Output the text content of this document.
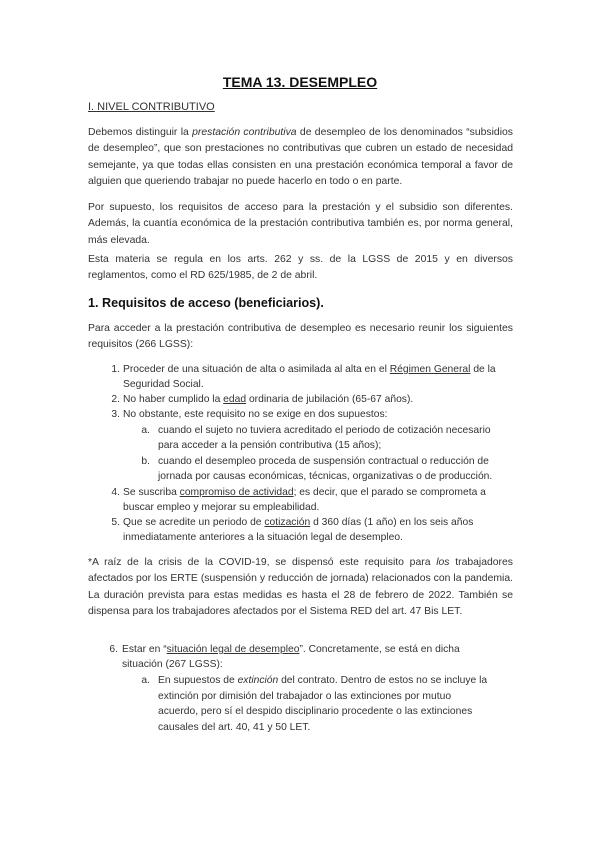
TEMA 13. DESEMPLEO
I. NIVEL CONTRIBUTIVO

Debemos distinguir la prestación contributiva de desempleo de los denominados “subsidios de desempleo”, que son prestaciones no contributivas que cubren un estado de necesidad semejante, ya que todas ellas consisten en una prestación económica temporal a favor de alguien que queriendo trabajar no puede hacerlo en todo o en parte.

Por supuesto, los requisitos de acceso para la prestación y el subsidio son diferentes. Además, la cuantía económica de la prestación contributiva también es, por norma general, más elevada.

Esta materia se regula en los arts. 262 y ss. de la LGSS de 2015 y en diversos reglamentos, como el RD 625/1985, de 2 de abril.

1. Requisitos de acceso (beneficiarios).

Para acceder a la prestación contributiva de desempleo es necesario reunir los siguientes requisitos (266 LGSS):

1. Proceder de una situación de alta o asimilada al alta en el Régimen General de la
Seguridad Social.
2. No haber cumplido la edad ordinaria de jubilación (65-67 años).
3. No obstante, este requisito no se exige en dos supuestos:
a. cuando el sujeto no tuviera acreditado el periodo de cotización necesario
para acceder a la pensión contributiva (15 años);
b. cuando el desempleo proceda de suspensión contractual o reducción de
jornada por causas económicas, técnicas, organizativas o de producción.
4. Se suscriba compromiso de actividad; es decir, que el parado se comprometa a
buscar empleo y mejorar su empleabilidad.
5. Que se acredite un periodo de cotización d 360 días (1 año) en los seis años
inmediatamente anteriores a la situación legal de desempleo.

*A raíz de la crisis de la COVID-19, se dispensó este requisito para los trabajadores afectados por los ERTE (suspensión y reducción de jornada) relacionados con la pandemia. La duración prevista para estas medidas es hasta el 28 de febrero de 2022. También se dispensa para los trabajadores afectados por el Sistema RED del art. 47 Bis LET.

6. Estar en “situación legal de desempleo”. Concretamente, se está en dicha
situación (267 LGSS):
a. En supuestos de extinción del contrato. Dentro de estos no se incluye la
extinción por dimisión del trabajador o las extinciones por mutuo
acuerdo, pero sí el despido disciplinario procedente o las extinciones
causales del art. 40, 41 y 50 LET.
